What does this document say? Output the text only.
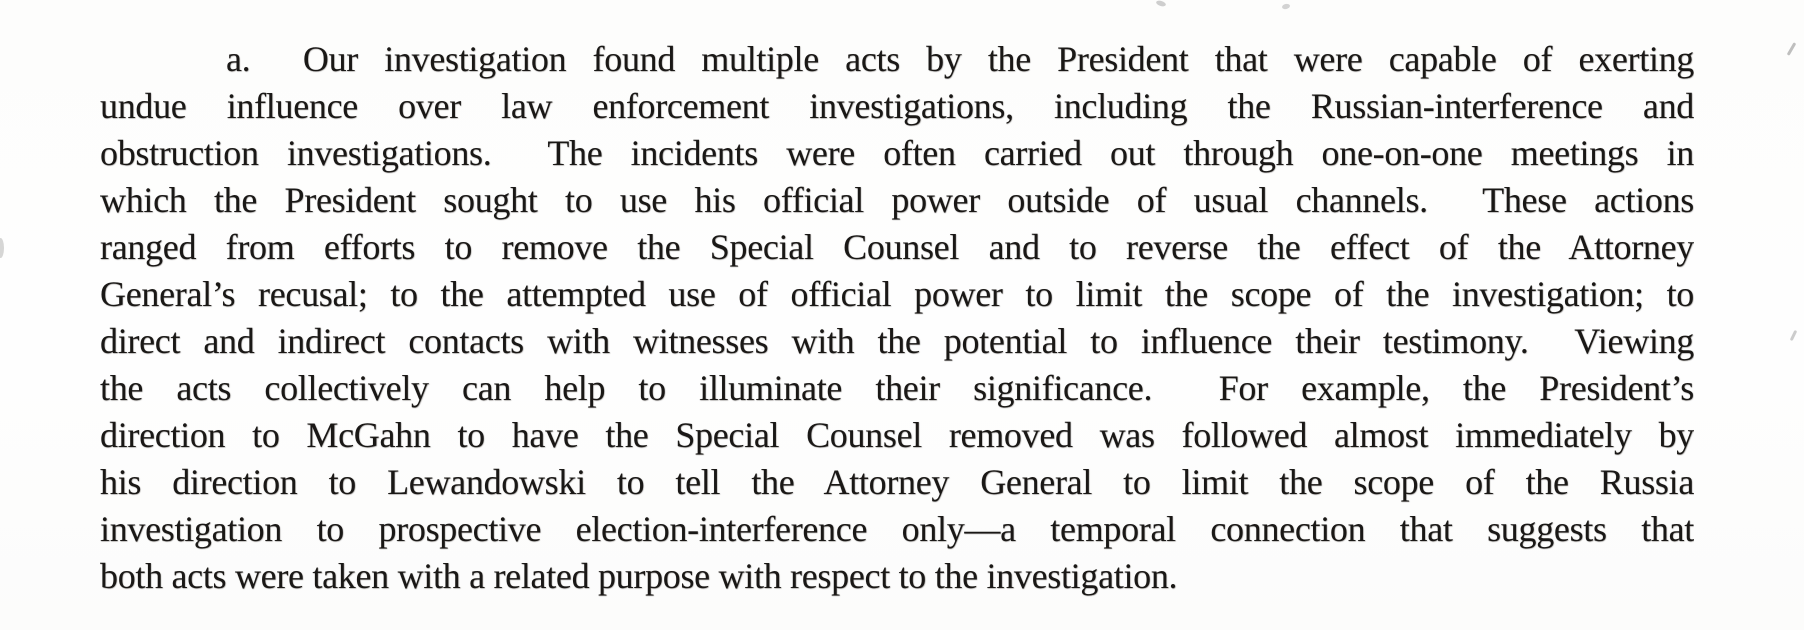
a.  Our investigation found multiple acts by the President that were capable of exerting
undue influence over law enforcement investigations, including the Russian-interference and
obstruction investigations.  The incidents were often carried out through one-on-one meetings in
which the President sought to use his official power outside of usual channels.  These actions
ranged from efforts to remove the Special Counsel and to reverse the effect of the Attorney
General’s recusal; to the attempted use of official power to limit the scope of the investigation; to
direct and indirect contacts with witnesses with the potential to influence their testimony.  Viewing
the acts collectively can help to illuminate their significance.  For example, the President’s
direction to McGahn to have the Special Counsel removed was followed almost immediately by
his direction to Lewandowski to tell the Attorney General to limit the scope of the Russia
investigation to prospective election-interference only—a temporal connection that suggests that
both acts were taken with a related purpose with respect to the investigation.
